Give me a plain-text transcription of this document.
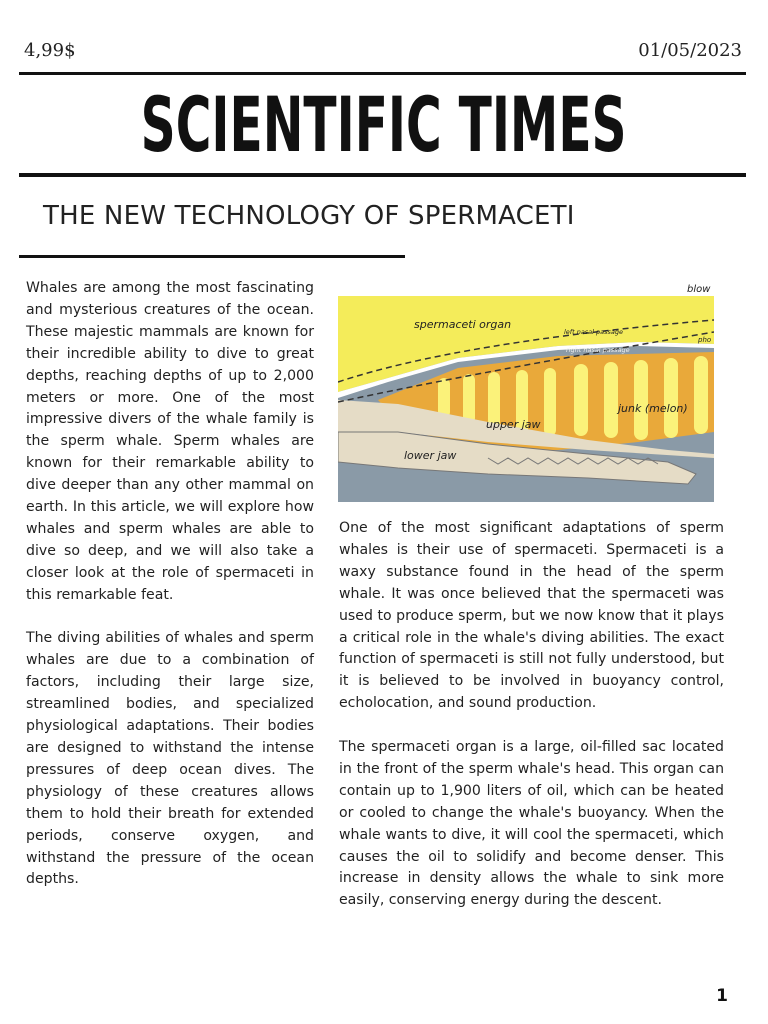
4,99$	01/05/2023
SCIENTIFIC TIMES
THE NEW TECHNOLOGY OF SPERMACETI

Whales are among the most fascinating and mysterious creatures of the ocean. These majestic mammals are known for their incredible ability to dive to great depths, reaching depths of up to 2,000 meters or more. One of the most impressive divers of the whale family is the sperm whale. Sperm whales are known for their remarkable ability to dive deeper than any other mammal on earth. In this article, we will explore how whales and sperm whales are able to dive so deep, and we will also take a closer look at the role of spermaceti in this remarkable feat.

The diving abilities of whales and sperm whales are due to a combination of factors, including their large size, streamlined bodies, and specialized physiological adaptations. Their bodies are designed to withstand the intense pressures of deep ocean dives. The physiology of these creatures allows them to hold their breath for extended periods, conserve oxygen, and withstand the pressure of the ocean depths.

blow
spermaceti organ
left nasal passage
right nasal passage
pho
junk (melon)
upper jaw
lower jaw

One of the most significant adaptations of sperm whales is their use of spermaceti. Spermaceti is a waxy substance found in the head of the sperm whale. It was once believed that the spermaceti was used to produce sperm, but we now know that it plays a critical role in the whale's diving abilities. The exact function of spermaceti is still not fully understood, but it is believed to be involved in buoyancy control, echolocation, and sound production.

The spermaceti organ is a large, oil-filled sac located in the front of the sperm whale's head. This organ can contain up to 1,900 liters of oil, which can be heated or cooled to change the whale's buoyancy. When the whale wants to dive, it will cool the spermaceti, which causes the oil to solidify and become denser. This increase in density allows the whale to sink more easily, conserving energy during the descent.

1
